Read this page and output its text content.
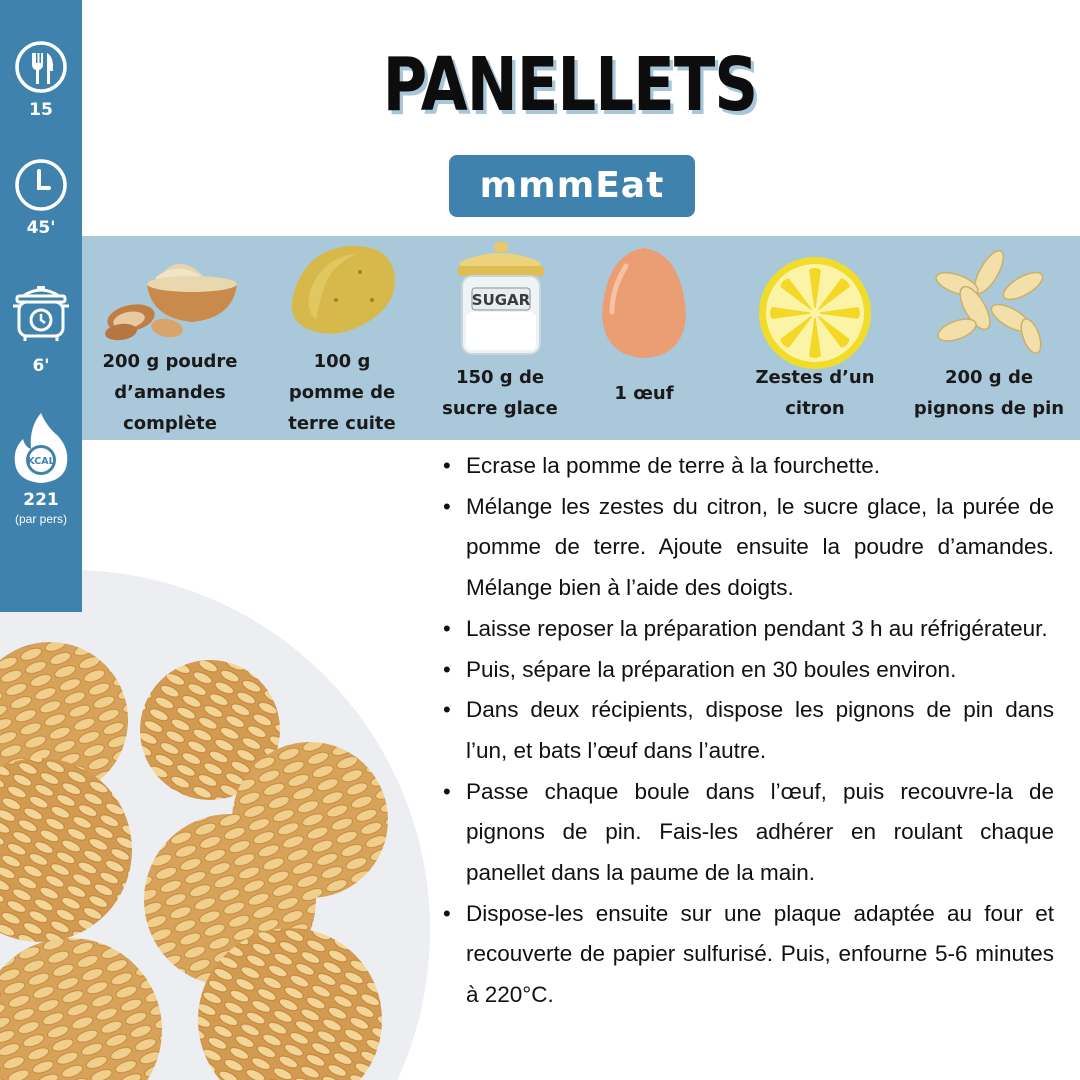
15
45'
6'
KCAL
221
(par pers)
PANELLETS
mmmEat
200 g poudre
d’amandes
complète
100 g
pomme de
terre cuite
SUGAR
150 g de
sucre glace
1 œuf
Zestes d’un
citron
200 g de
pignons de pin
• Ecrase la pomme de terre à la fourchette.
• Mélange les zestes du citron, le sucre glace, la purée de pomme de terre. Ajoute ensuite la poudre d’amandes. Mélange bien à l’aide des doigts.
• Laisse reposer la préparation pendant 3 h au réfrigérateur.
• Puis, sépare la préparation en 30 boules environ.
• Dans deux récipients, dispose les pignons de pin dans l’un, et bats l’œuf dans l’autre.
• Passe chaque boule dans l’œuf, puis recouvre-la de pignons de pin. Fais-les adhérer en roulant chaque panellet dans la paume de la main.
• Dispose-les ensuite sur une plaque adaptée au four et recouverte de papier sulfurisé. Puis, enfourne 5-6 minutes à 220°C.
